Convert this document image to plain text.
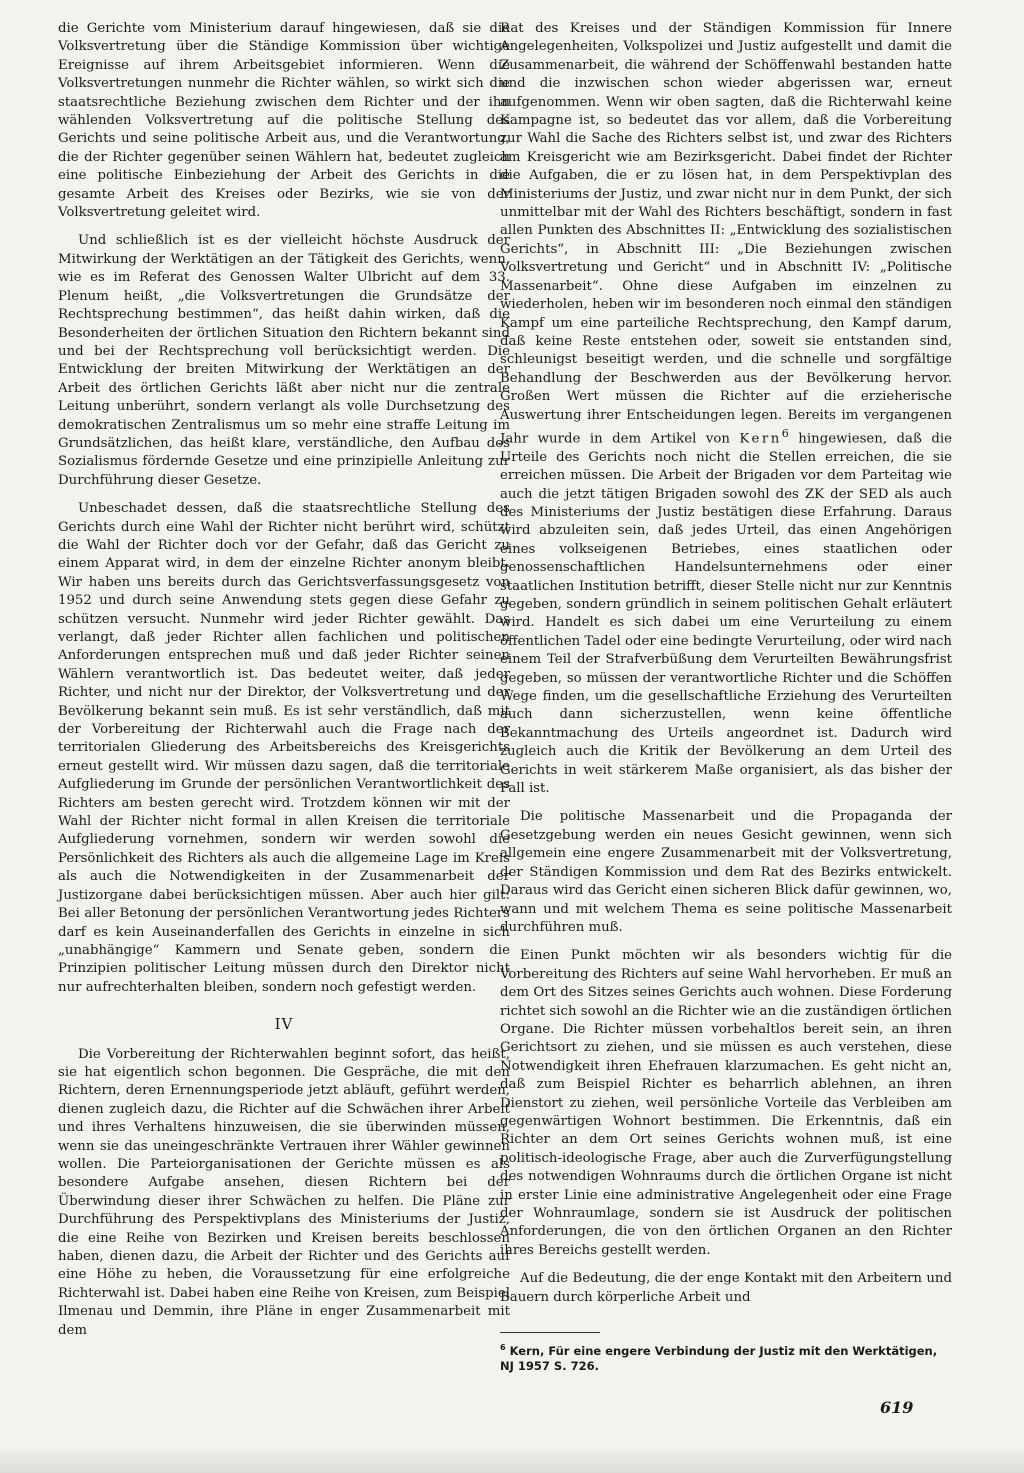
die Gerichte vom Ministerium darauf hingewiesen, daß sie die Volksvertretung über die Ständige Kommission über wichtige Ereignisse auf ihrem Arbeitsgebiet informieren. Wenn die Volksvertretungen nunmehr die Richter wählen, so wirkt sich die staatsrechtliche Beziehung zwischen dem Richter und der ihn wählenden Volksvertretung auf die politische Stellung des Gerichts und seine politische Arbeit aus, und die Verantwortung, die der Richter gegenüber seinen Wählern hat, bedeutet zugleich eine politische Einbeziehung der Arbeit des Gerichts in die gesamte Arbeit des Kreises oder Bezirks, wie sie von der Volksvertretung geleitet wird.

Und schließlich ist es der vielleicht höchste Ausdruck der Mitwirkung der Werktätigen an der Tätigkeit des Gerichts, wenn, wie es im Referat des Genossen Walter Ulbricht auf dem 33. Plenum heißt, „die Volksvertretungen die Grundsätze der Rechtsprechung bestimmen“, das heißt dahin wirken, daß die Besonderheiten der örtlichen Situation den Richtern bekannt sind und bei der Rechtsprechung voll berücksichtigt werden. Die Entwicklung der breiten Mitwirkung der Werktätigen an der Arbeit des örtlichen Gerichts läßt aber nicht nur die zentrale Leitung unberührt, sondern verlangt als volle Durchsetzung des demokratischen Zentralismus um so mehr eine straffe Leitung im Grundsätzlichen, das heißt klare, verständliche, den Aufbau des Sozialismus fördernde Gesetze und eine prinzipielle Anleitung zur Durchführung dieser Gesetze.

Unbeschadet dessen, daß die staatsrechtliche Stellung des Gerichts durch eine Wahl der Richter nicht berührt wird, schützt die Wahl der Richter doch vor der Gefahr, daß das Gericht zu einem Apparat wird, in dem der einzelne Richter anonym bleibt. Wir haben uns bereits durch das Gerichtsverfassungsgesetz von 1952 und durch seine Anwendung stets gegen diese Gefahr zu schützen versucht. Nunmehr wird jeder Richter gewählt. Das verlangt, daß jeder Richter allen fachlichen und politischen Anforderungen entsprechen muß und daß jeder Richter seinen Wählern verantwortlich ist. Das bedeutet weiter, daß jeder Richter, und nicht nur der Direktor, der Volksvertretung und der Bevölkerung bekannt sein muß. Es ist sehr verständlich, daß mit der Vorbereitung der Richterwahl auch die Frage nach der territorialen Gliederung des Arbeitsbereichs des Kreisgerichts erneut gestellt wird. Wir müssen dazu sagen, daß die territoriale Aufgliederung im Grunde der persönlichen Verantwortlichkeit des Richters am besten gerecht wird. Trotzdem können wir mit der Wahl der Richter nicht formal in allen Kreisen die territoriale Aufgliederung vornehmen, sondern wir werden sowohl die Persönlichkeit des Richters als auch die allgemeine Lage im Kreis als auch die Notwendigkeiten in der Zusammenarbeit der Justizorgane dabei berücksichtigen müssen. Aber auch hier gilt: Bei aller Betonung der persönlichen Verantwortung jedes Richters darf es kein Auseinanderfallen des Gerichts in einzelne in sich „unabhängige“ Kammern und Senate geben, sondern die Prinzipien politischer Leitung müssen durch den Direktor nicht nur aufrechterhalten bleiben, sondern noch gefestigt werden.

IV

Die Vorbereitung der Richterwahlen beginnt sofort, das heißt, sie hat eigentlich schon begonnen. Die Gespräche, die mit den Richtern, deren Ernennungsperiode jetzt abläuft, geführt werden, dienen zugleich dazu, die Richter auf die Schwächen ihrer Arbeit und ihres Verhaltens hinzuweisen, die sie überwinden müssen, wenn sie das uneingeschränkte Vertrauen ihrer Wähler gewinnen wollen. Die Parteiorganisationen der Gerichte müssen es als besondere Aufgabe ansehen, diesen Richtern bei der Überwindung dieser ihrer Schwächen zu helfen. Die Pläne zur Durchführung des Perspektivplans des Ministeriums der Justiz, die eine Reihe von Bezirken und Kreisen bereits beschlossen haben, dienen dazu, die Arbeit der Richter und des Gerichts auf eine Höhe zu heben, die Voraussetzung für eine erfolgreiche Richterwahl ist. Dabei haben eine Reihe von Kreisen, zum Beispiel Ilmenau und Demmin, ihre Pläne in enger Zusammenarbeit mit dem

Rat des Kreises und der Ständigen Kommission für Innere Angelegenheiten, Volkspolizei und Justiz aufgestellt und damit die Zusammenarbeit, die während der Schöffenwahl bestanden hatte und die inzwischen schon wieder abgerissen war, erneut aufgenommen. Wenn wir oben sagten, daß die Richterwahl keine Kampagne ist, so bedeutet das vor allem, daß die Vorbereitung zur Wahl die Sache des Richters selbst ist, und zwar des Richters am Kreisgericht wie am Bezirksgericht. Dabei findet der Richter die Aufgaben, die er zu lösen hat, in dem Perspektivplan des Ministeriums der Justiz, und zwar nicht nur in dem Punkt, der sich unmittelbar mit der Wahl des Richters beschäftigt, sondern in fast allen Punkten des Abschnittes II: „Entwicklung des sozialistischen Gerichts“, in Abschnitt III: „Die Beziehungen zwischen Volksvertretung und Gericht“ und in Abschnitt IV: „Politische Massenarbeit“. Ohne diese Aufgaben im einzelnen zu wiederholen, heben wir im besonderen noch einmal den ständigen Kampf um eine parteiliche Rechtsprechung, den Kampf darum, daß keine Reste entstehen oder, soweit sie entstanden sind, schleunigst beseitigt werden, und die schnelle und sorgfältige Behandlung der Beschwerden aus der Bevölkerung hervor. Großen Wert müssen die Richter auf die erzieherische Auswertung ihrer Entscheidungen legen. Bereits im vergangenen Jahr wurde in dem Artikel von Kern$^6$ hingewiesen, daß die Urteile des Gerichts noch nicht die Stellen erreichen, die sie erreichen müssen. Die Arbeit der Brigaden vor dem Parteitag wie auch die jetzt tätigen Brigaden sowohl des ZK der SED als auch des Ministeriums der Justiz bestätigen diese Erfahrung. Daraus wird abzuleiten sein, daß jedes Urteil, das einen Angehörigen eines volkseigenen Betriebes, eines staatlichen oder genossenschaftlichen Handelsunternehmens oder einer staatlichen Institution betrifft, dieser Stelle nicht nur zur Kenntnis gegeben, sondern gründlich in seinem politischen Gehalt erläutert wird. Handelt es sich dabei um eine Verurteilung zu einem öffentlichen Tadel oder eine bedingte Verurteilung, oder wird nach einem Teil der Strafverbüßung dem Verurteilten Bewährungsfrist gegeben, so müssen der verantwortliche Richter und die Schöffen Wege finden, um die gesellschaftliche Erziehung des Verurteilten auch dann sicherzustellen, wenn keine öffentliche Bekanntmachung des Urteils angeordnet ist. Dadurch wird zugleich auch die Kritik der Bevölkerung an dem Urteil des Gerichts in weit stärkerem Maße organisiert, als das bisher der Fall ist.

Die politische Massenarbeit und die Propaganda der Gesetzgebung werden ein neues Gesicht gewinnen, wenn sich allgemein eine engere Zusammenarbeit mit der Volksvertretung, der Ständigen Kommission und dem Rat des Bezirks entwickelt. Daraus wird das Gericht einen sicheren Blick dafür gewinnen, wo, wann und mit welchem Thema es seine politische Massenarbeit durchführen muß.

Einen Punkt möchten wir als besonders wichtig für die Vorbereitung des Richters auf seine Wahl hervorheben. Er muß an dem Ort des Sitzes seines Gerichts auch wohnen. Diese Forderung richtet sich sowohl an die Richter wie an die zuständigen örtlichen Organe. Die Richter müssen vorbehaltlos bereit sein, an ihren Gerichtsort zu ziehen, und sie müssen es auch verstehen, diese Notwendigkeit ihren Ehefrauen klarzumachen. Es geht nicht an, daß zum Beispiel Richter es beharrlich ablehnen, an ihren Dienstort zu ziehen, weil persönliche Vorteile das Verbleiben am gegenwärtigen Wohnort bestimmen. Die Erkenntnis, daß ein Richter an dem Ort seines Gerichts wohnen muß, ist eine politisch-ideologische Frage, aber auch die Zurverfügungstellung des notwendigen Wohnraums durch die örtlichen Organe ist nicht in erster Linie eine administrative Angelegenheit oder eine Frage der Wohnraumlage, sondern sie ist Ausdruck der politischen Anforderungen, die von den örtlichen Organen an den Richter ihres Bereichs gestellt werden.

Auf die Bedeutung, die der enge Kontakt mit den Arbeitern und Bauern durch körperliche Arbeit und

$^6$ Kern, Für eine engere Verbindung der Justiz mit den Werktätigen, NJ 1957 S. 726.
619
